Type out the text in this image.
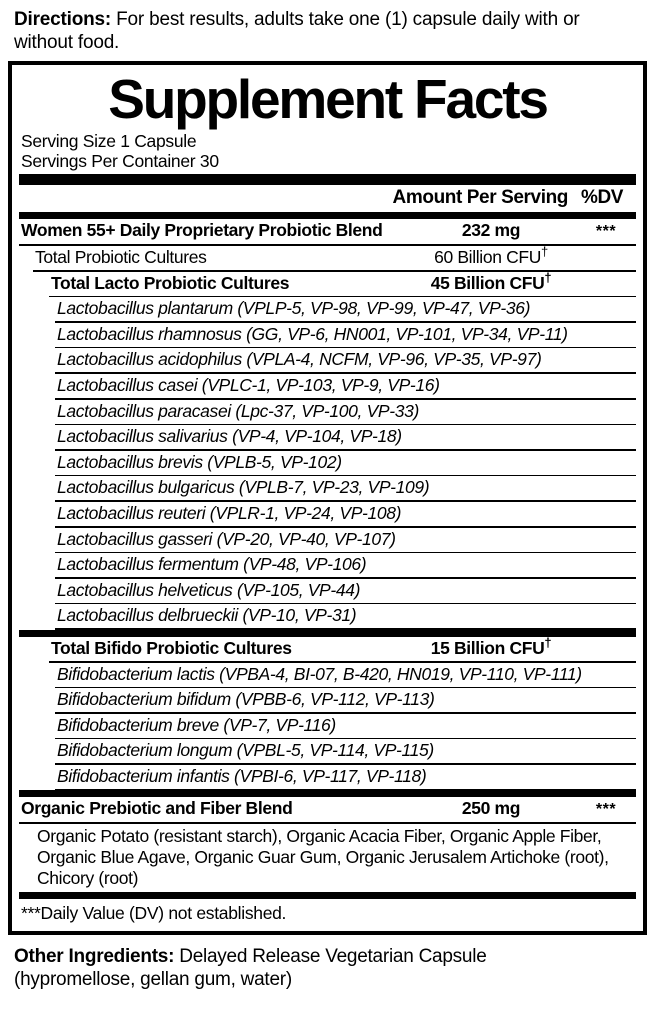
Directions: For best results, adults take one (1) capsule daily with or without food.
Supplement Facts
Serving Size 1 Capsule
Servings Per Container 30
Amount Per Serving %DV
Women 55+ Daily Proprietary Probiotic Blend	232 mg	***
Total Probiotic Cultures	60 Billion CFU†
Total Lacto Probiotic Cultures	45 Billion CFU†
Lactobacillus plantarum (VPLP-5, VP-98, VP-99, VP-47, VP-36)
Lactobacillus rhamnosus (GG, VP-6, HN001, VP-101, VP-34, VP-11)
Lactobacillus acidophilus (VPLA-4, NCFM, VP-96, VP-35, VP-97)
Lactobacillus casei (VPLC-1, VP-103, VP-9, VP-16)
Lactobacillus paracasei (Lpc-37, VP-100, VP-33)
Lactobacillus salivarius (VP-4, VP-104, VP-18)
Lactobacillus brevis (VPLB-5, VP-102)
Lactobacillus bulgaricus (VPLB-7, VP-23, VP-109)
Lactobacillus reuteri (VPLR-1, VP-24, VP-108)
Lactobacillus gasseri (VP-20, VP-40, VP-107)
Lactobacillus fermentum (VP-48, VP-106)
Lactobacillus helveticus (VP-105, VP-44)
Lactobacillus delbrueckii (VP-10, VP-31)
Total Bifido Probiotic Cultures	15 Billion CFU†
Bifidobacterium lactis (VPBA-4, BI-07, B-420, HN019, VP-110, VP-111)
Bifidobacterium bifidum (VPBB-6, VP-112, VP-113)
Bifidobacterium breve (VP-7, VP-116)
Bifidobacterium longum (VPBL-5, VP-114, VP-115)
Bifidobacterium infantis (VPBI-6, VP-117, VP-118)
Organic Prebiotic and Fiber Blend	250 mg	***
Organic Potato (resistant starch), Organic Acacia Fiber, Organic Apple Fiber,
Organic Blue Agave, Organic Guar Gum, Organic Jerusalem Artichoke (root),
Chicory (root)
***Daily Value (DV) not established.
Other Ingredients: Delayed Release Vegetarian Capsule
(hypromellose, gellan gum, water)
